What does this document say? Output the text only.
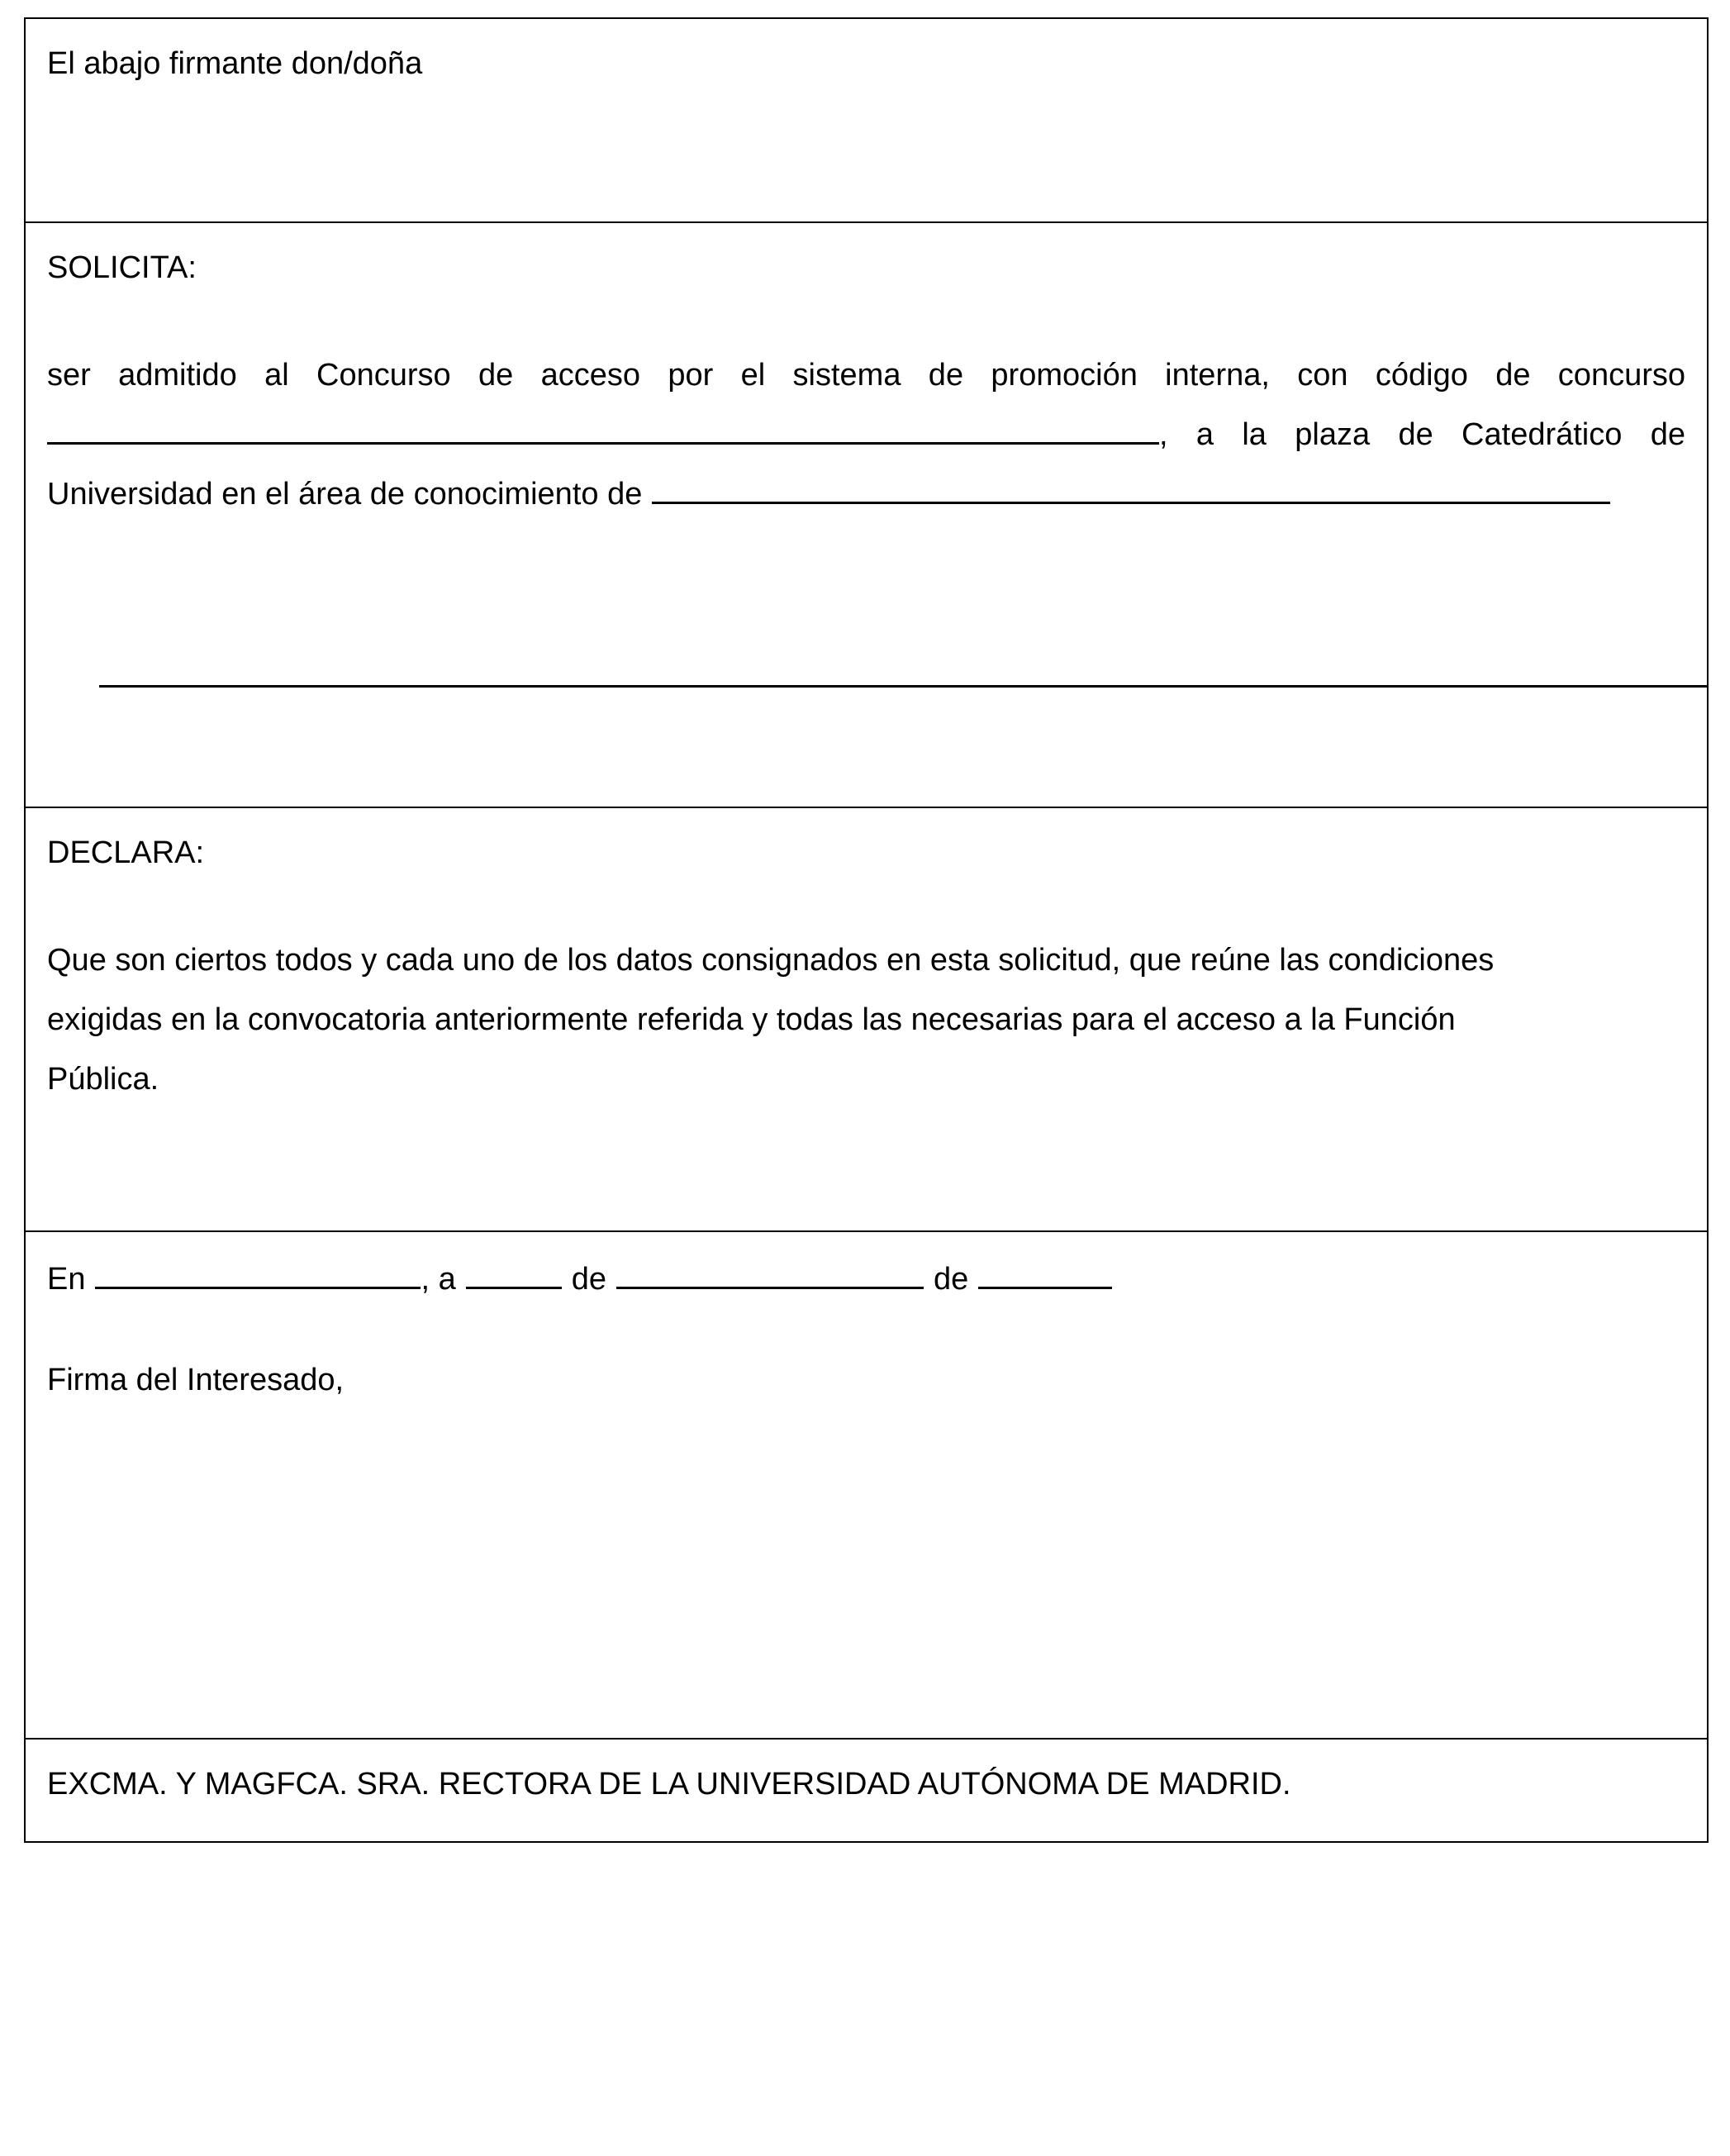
El abajo firmante don/doña
SOLICITA:
ser admitido al Concurso de acceso por el sistema de promoción interna, con código de concurso
, a la plaza de Catedrático de
Universidad en el área de conocimiento de

DECLARA:
Que son ciertos todos y cada uno de los datos consignados en esta solicitud, que reúne las condiciones
exigidas en la convocatoria anteriormente referida y todas las necesarias para el acceso a la Función
Pública.
En	, a	de	de
Firma del Interesado,
EXCMA. Y MAGFCA. SRA. RECTORA DE LA UNIVERSIDAD AUTÓNOMA DE MADRID.
